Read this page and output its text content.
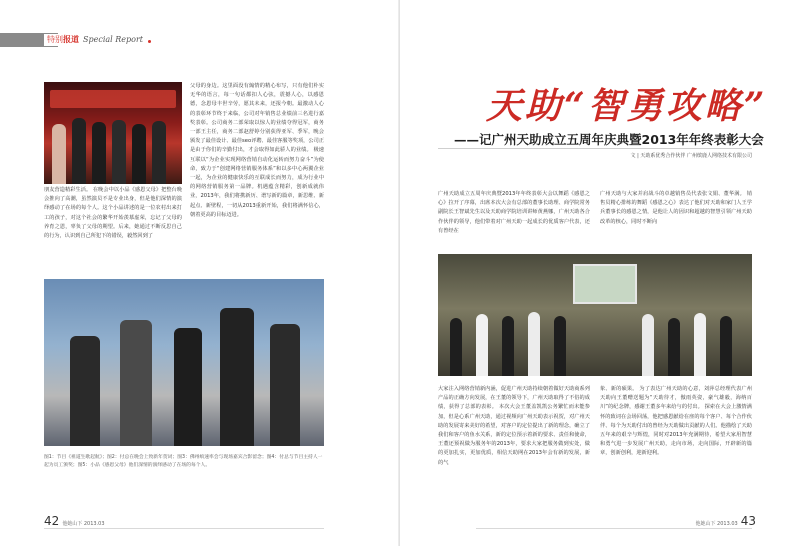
特别报道 Special Report
朋友营造精彩生活。 在晚会中以小品《感恩父母》把整台晚会推向了高潮，虽然演员不是专业出身，但是他们深情的演绎感动了在场的每个人。这个小品讲述的是一位农村出来打工的孩子，对这个社会的繁华开始羡慕虚荣，忘记了父母的养育之恩，辜负了父母的期望。后来，她通过不断反思自己的行为，认识到自己所犯下的错误，毅然回到了
父母的身边。这里面没有煽情的精心布写，只有他们朴实无华的语言，每一句话都扣人心弦，震撼人心，以感恩德，念恩母丰世辛劳，愿其未来，还报今朝。最激动人心的表彰环节终于来临，公司对年销售总业绩前三名进行嘉奖表彰。公司商务二部荣取以惊人的业绩夺得冠军，商务一部王主任，商务二部赵舒婷分别获得亚军、季军，晚会颁发了最佳设计、最佳seo评聘、最佳客服等奖项，公司正是由于你们的辛勤付出，才会取得如此骄人的业绩。 极速互联以“为企业实现网络营销自动化运转而努力奋斗”为使命，致力于“创建网络营销服务体系”和以多中心两翼企业一起，为企业的健康快乐的互联成长而努力，成为行业中的网络营销服务第一品牌。机遇蕴含精彩，创新成就伟业，2013年，我们将携新历、谱写新的篇章，新思维、新起点、新壁程，一切从2013重新开始，我们将满怀信心，朝着更高的目标迈进。
图1：节目《祖道生歌起航》；图2：付总在晚会上致新年贺词；图3：佛州缤速率会与现场嘉宾合影留念；图4：付总与节目主持人一起为员工颁奖；图5：小品《感恩父母》他们深情的演绎感动了在场的每个人。
42 他她山下 2013.03
天助“智勇攻略”
——记广州天助成立五周年庆典暨2013年年终表彰大会
文 | 天助系优秀合作伙伴 广州缤鹿人网络技术有限公司
广州天助成立五周年庆典暨2013年年终表彰大会以舞蹈《感恩之心》拉开了序幕，出席本次大会有总部的董事长助理、商学院常务副院长王智斌先生以及天助商学院培训讲师黄燕娜，广州天助各合作伙伴的领导，他们带着对广州天助一起成长的优质客户代表，还有曾经在
广州天助与大家并肩战斗的卓越销售员代表张文娟、董华满。 销售员精心排练的舞蹈《感恩之心》表达了他们对天助和家门人王学兵董事长的感恩之情，是他让人的因识和超越的智慧引领广州天助改革的核心，同时不断向
大家注入网络营销新内涵，促进广州天助持续朝着做好天助商系列产品的正确方向发展，在王董的领导下，广州天助取得了不俗的成绩，获得了总部的表彰。 本次大会王董盖凯凯公务繁忙而未能参加，但是心系广州天助，通过视频向广州天助表示祝贺，对广州天助的发展寄来美好的希望，对客户的定位提出了新的理念，确立了我们和客户的鱼水关系，新的定位预示着新的要求、责任和使命，王董还预祝做为服务年的2013年，要求大家把服务做到实处，做的更加扎实，更加优质，相信天助网在2013年会有新的发展，新的气
象、新的硕果。 为了表达广州天助的心意，刘萍总经理代表广州天助向王董赠送题为“天助待才，傲雨英姿，豪气雄毅，海纳百川”的纪念牌，感谢王董多年来给与的付出。 探索在大会上激情满怀的致词在会场回荡，他把感恩献给在座的每个客户、每个合作伙伴、每个为天助付出的曾经为天助做出贡献的人们。他描绘了天助五年来的艰辛与辉煌，同时对2013年充满期待，希望大家用智慧和勇气进一步发展广州天助，走向市场，走向国际，开辟新的篇章，创新创利，迎新迎利。
他她山下 2013.03 43
